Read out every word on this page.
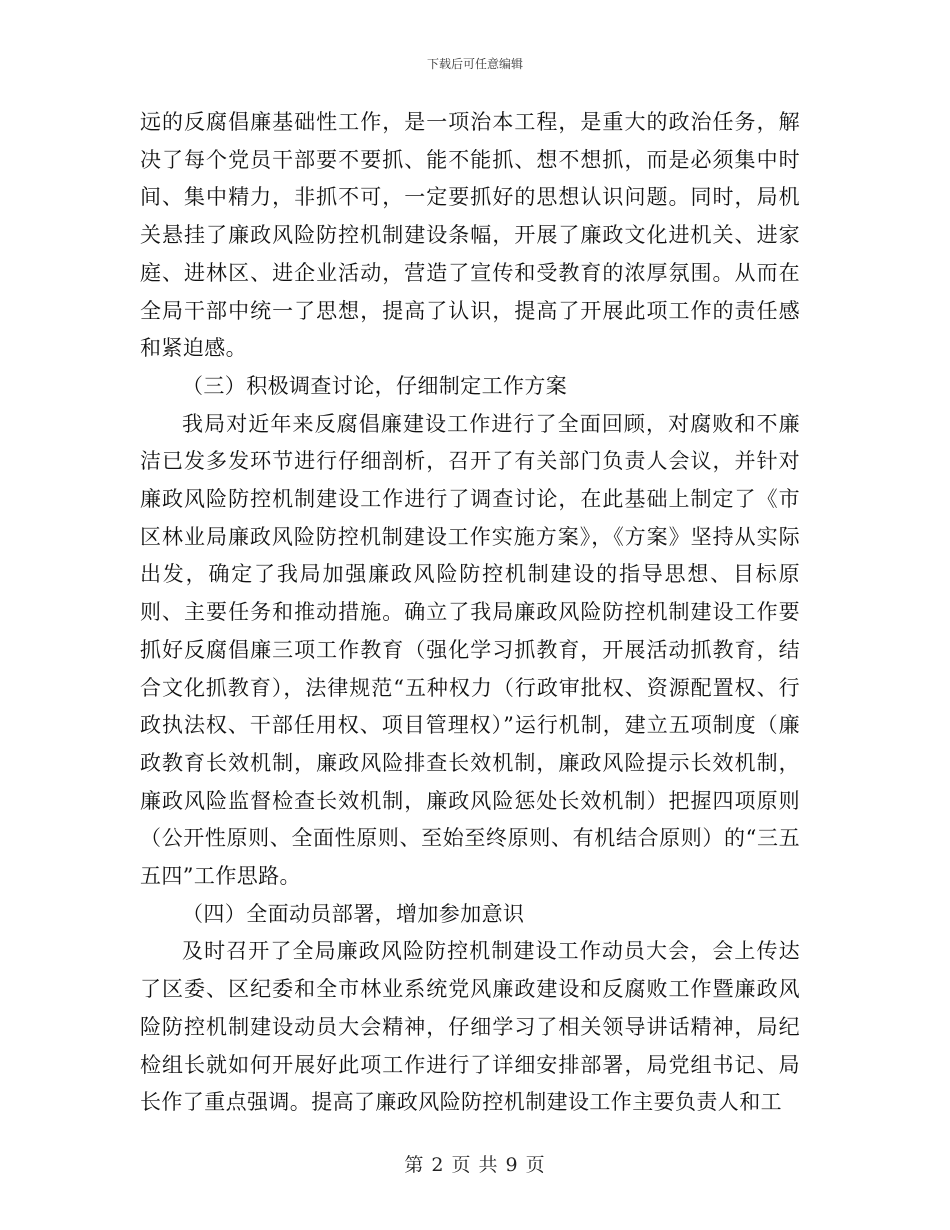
下载后可任意编辑

远的反腐倡廉基础性工作，是一项治本工程，是重大的政治任务，解决了每个党员干部要不要抓、能不能抓、想不想抓，而是必须集中时间、集中精力，非抓不可，一定要抓好的思想认识问题。同时，局机关悬挂了廉政风险防控机制建设条幅，开展了廉政文化进机关、进家庭、进林区、进企业活动，营造了宣传和受教育的浓厚氛围。从而在全局干部中统一了思想，提高了认识，提高了开展此项工作的责任感和紧迫感。

（三）积极调查讨论，仔细制定工作方案

我局对近年来反腐倡廉建设工作进行了全面回顾，对腐败和不廉洁已发多发环节进行仔细剖析，召开了有关部门负责人会议，并针对廉政风险防控机制建设工作进行了调查讨论，在此基础上制定了《市区林业局廉政风险防控机制建设工作实施方案》，《方案》坚持从实际出发，确定了我局加强廉政风险防控机制建设的指导思想、目标原则、主要任务和推动措施。确立了我局廉政风险防控机制建设工作要抓好反腐倡廉三项工作教育（强化学习抓教育，开展活动抓教育，结合文化抓教育），法律规范“五种权力（行政审批权、资源配置权、行政执法权、干部任用权、项目管理权）”运行机制，建立五项制度（廉政教育长效机制，廉政风险排查长效机制，廉政风险提示长效机制，廉政风险监督检查长效机制，廉政风险惩处长效机制）把握四项原则（公开性原则、全面性原则、至始至终原则、有机结合原则）的“三五五四”工作思路。

（四）全面动员部署，增加参加意识

及时召开了全局廉政风险防控机制建设工作动员大会，会上传达了区委、区纪委和全市林业系统党风廉政建设和反腐败工作暨廉政风险防控机制建设动员大会精神，仔细学习了相关领导讲话精神，局纪检组长就如何开展好此项工作进行了详细安排部署，局党组书记、局长作了重点强调。提高了廉政风险防控机制建设工作主要负责人和工

第 2 页 共 9 页
